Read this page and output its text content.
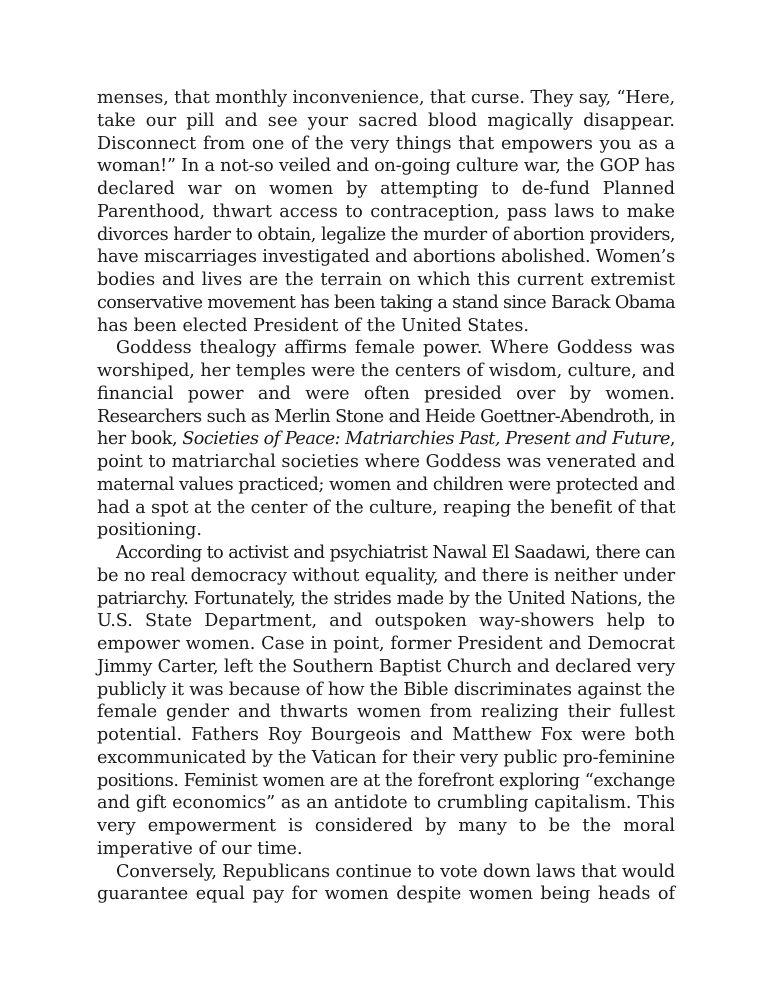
menses, that monthly inconvenience, that curse. They say, “Here,
take our pill and see your sacred blood magically disappear.
Disconnect from one of the very things that empowers you as a
woman!” In a not-so veiled and on-going culture war, the GOP has
declared war on women by attempting to de-fund Planned
Parenthood, thwart access to contraception, pass laws to make
divorces harder to obtain, legalize the murder of abortion providers,
have miscarriages investigated and abortions abolished. Women’s
bodies and lives are the terrain on which this current extremist
conservative movement has been taking a stand since Barack Obama
has been elected President of the United States.
Goddess thealogy affirms female power. Where Goddess was
worshiped, her temples were the centers of wisdom, culture, and
financial power and were often presided over by women.
Researchers such as Merlin Stone and Heide Goettner-Abendroth, in
her book, Societies of Peace: Matriarchies Past, Present and Future,
point to matriarchal societies where Goddess was venerated and
maternal values practiced; women and children were protected and
had a spot at the center of the culture, reaping the benefit of that
positioning.
According to activist and psychiatrist Nawal El Saadawi, there can
be no real democracy without equality, and there is neither under
patriarchy. Fortunately, the strides made by the United Nations, the
U.S. State Department, and outspoken way-showers help to
empower women. Case in point, former President and Democrat
Jimmy Carter, left the Southern Baptist Church and declared very
publicly it was because of how the Bible discriminates against the
female gender and thwarts women from realizing their fullest
potential. Fathers Roy Bourgeois and Matthew Fox were both
excommunicated by the Vatican for their very public pro-feminine
positions. Feminist women are at the forefront exploring “exchange
and gift economics” as an antidote to crumbling capitalism. This
very empowerment is considered by many to be the moral
imperative of our time.
Conversely, Republicans continue to vote down laws that would
guarantee equal pay for women despite women being heads of
